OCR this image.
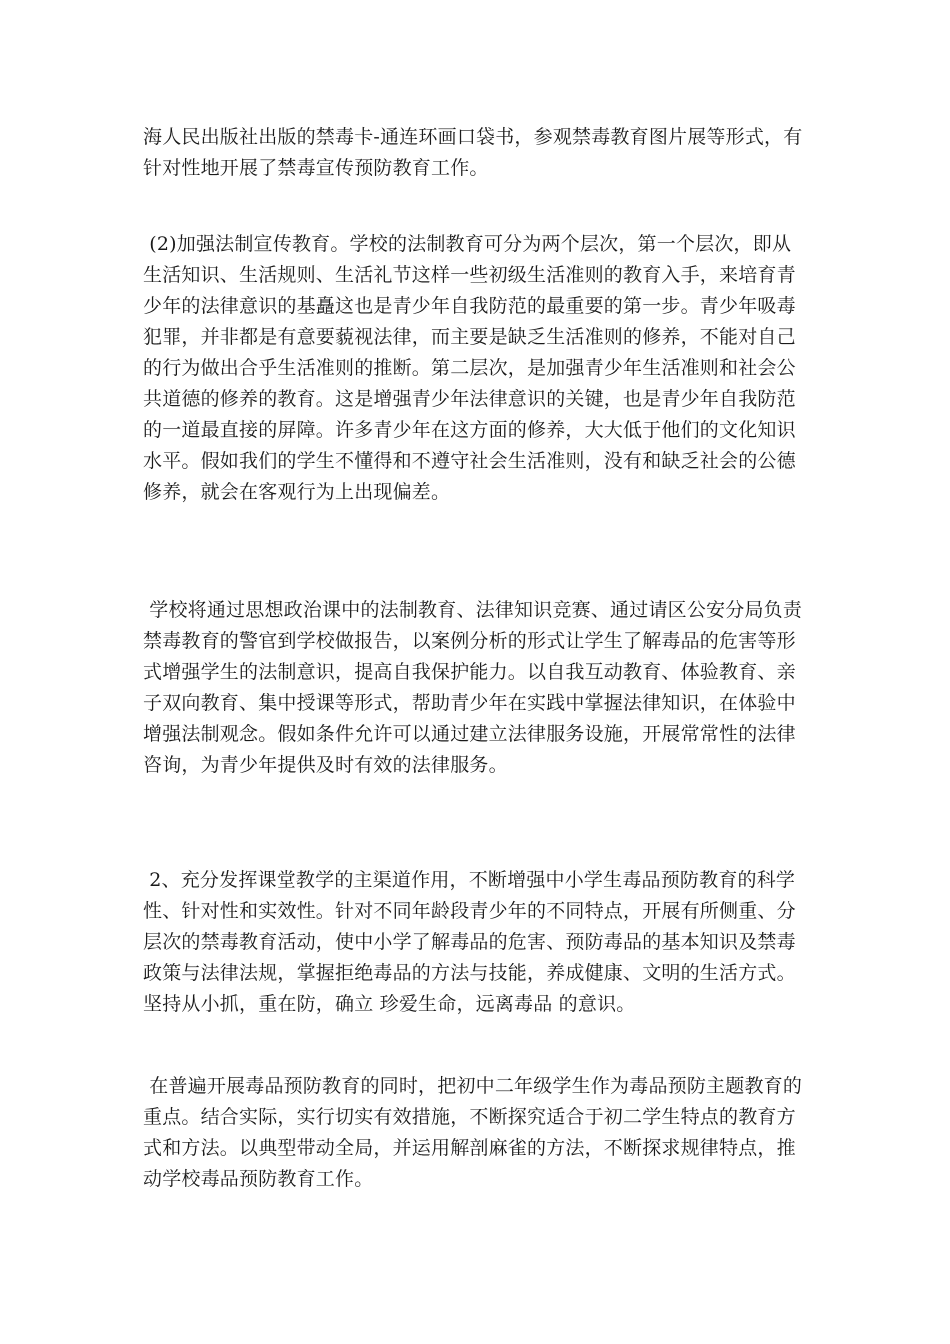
海人民出版社出版的禁毒卡-通连环画口袋书，参观禁毒教育图片展等形式，有
针对性地开展了禁毒宣传预防教育工作。
(2)加强法制宣传教育。学校的法制教育可分为两个层次，第一个层次，即从
生活知识、生活规则、生活礼节这样一些初级生活准则的教育入手，来培育青
少年的法律意识的基矗这也是青少年自我防范的最重要的第一步。青少年吸毒
犯罪，并非都是有意要藐视法律，而主要是缺乏生活准则的修养，不能对自己
的行为做出合乎生活准则的推断。第二层次，是加强青少年生活准则和社会公
共道德的修养的教育。这是增强青少年法律意识的关键，也是青少年自我防范
的一道最直接的屏障。许多青少年在这方面的修养，大大低于他们的文化知识
水平。假如我们的学生不懂得和不遵守社会生活准则，没有和缺乏社会的公德
修养，就会在客观行为上出现偏差。
学校将通过思想政治课中的法制教育、法律知识竞赛、通过请区公安分局负责
禁毒教育的警官到学校做报告，以案例分析的形式让学生了解毒品的危害等形
式增强学生的法制意识，提高自我保护能力。以自我互动教育、体验教育、亲
子双向教育、集中授课等形式，帮助青少年在实践中掌握法律知识，在体验中
增强法制观念。假如条件允许可以通过建立法律服务设施，开展常常性的法律
咨询，为青少年提供及时有效的法律服务。
2、充分发挥课堂教学的主渠道作用，不断增强中小学生毒品预防教育的科学
性、针对性和实效性。针对不同年龄段青少年的不同特点，开展有所侧重、分
层次的禁毒教育活动，使中小学了解毒品的危害、预防毒品的基本知识及禁毒
政策与法律法规，掌握拒绝毒品的方法与技能，养成健康、文明的生活方式。
坚持从小抓，重在防，确立 珍爱生命，远离毒品 的意识。
在普遍开展毒品预防教育的同时，把初中二年级学生作为毒品预防主题教育的
重点。结合实际，实行切实有效措施，不断探究适合于初二学生特点的教育方
式和方法。以典型带动全局，并运用解剖麻雀的方法，不断探求规律特点，推
动学校毒品预防教育工作。
